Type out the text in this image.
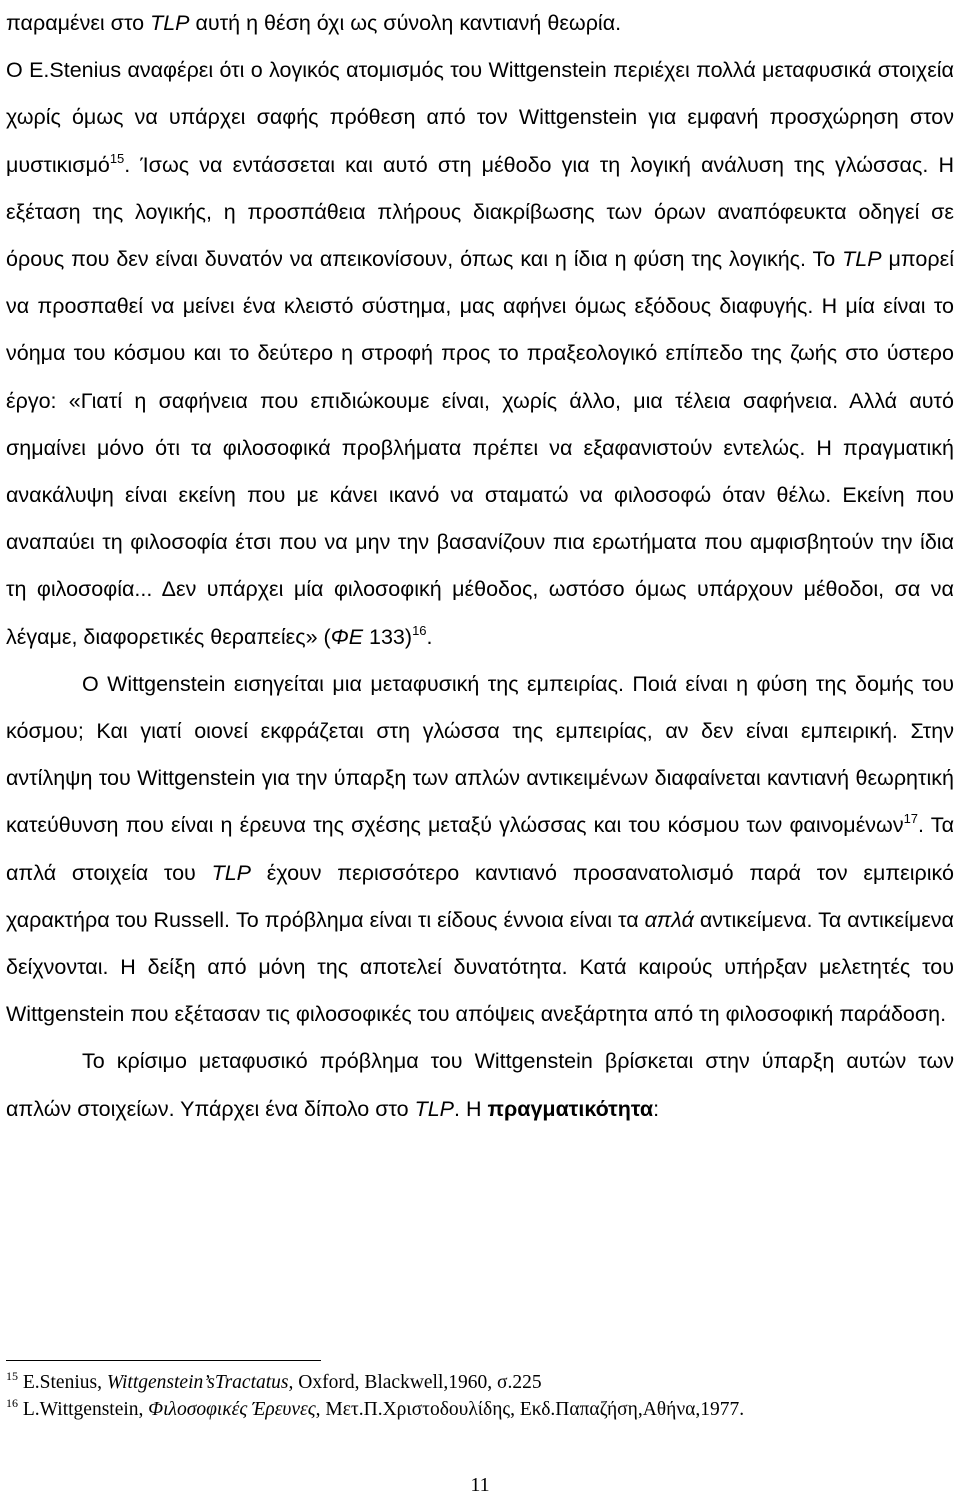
παραμένει στο TLP αυτή η θέση όχι ως σύνολη καντιανή θεωρία.

Ο Ε.Stenius αναφέρει ότι ο λογικός ατομισμός του Wittgenstein περιέχει πολλά μεταφυσικά στοιχεία χωρίς όμως να υπάρχει σαφής πρόθεση από τον Wittgenstein για εμφανή προσχώρηση στον μυστικισμό$^{15}$. Ίσως να εντάσσεται και αυτό στη μέθοδο για τη λογική ανάλυση της γλώσσας. Η εξέταση της λογικής, η προσπάθεια πλήρους διακρίβωσης των όρων αναπόφευκτα οδηγεί σε όρους που δεν είναι δυνατόν να απεικονίσουν, όπως και η ίδια η φύση της λογικής. Το TLP μπορεί να προσπαθεί να μείνει ένα κλειστό σύστημα, μας αφήνει όμως εξόδους διαφυγής. Η μία είναι το νόημα του κόσμου και το δεύτερο η στροφή προς το πραξεολογικό επίπεδο της ζωής στο ύστερο έργο: «Γιατί η σαφήνεια που επιδιώκουμε είναι, χωρίς άλλο, μια τέλεια σαφήνεια. Αλλά αυτό σημαίνει μόνο ότι τα φιλοσοφικά προβλήματα πρέπει να εξαφανιστούν εντελώς. Η πραγματική ανακάλυψη είναι εκείνη που με κάνει ικανό να σταματώ να φιλοσοφώ όταν θέλω. Εκείνη που αναπαύει τη φιλοσοφία έτσι που να μην την βασανίζουν πια ερωτήματα που αμφισβητούν την ίδια τη φιλοσοφία... Δεν υπάρχει μία φιλοσοφική μέθοδος, ωστόσο όμως υπάρχουν μέθοδοι, σα να λέγαμε, διαφορετικές θεραπείες» (ΦΕ 133)$^{16}$.

Ο Wittgenstein εισηγείται μια μεταφυσική της εμπειρίας. Ποιά είναι η φύση της δομής του κόσμου; Και γιατί οιονεί εκφράζεται στη γλώσσα της εμπειρίας, αν δεν είναι εμπειρική. Στην αντίληψη του Wittgenstein για την ύπαρξη των απλών αντικειμένων διαφαίνεται καντιανή θεωρητική κατεύθυνση που είναι η έρευνα της σχέσης μεταξύ γλώσσας και του κόσμου των φαινομένων$^{17}$. Τα απλά στοιχεία του TLP έχουν περισσότερο καντιανό προσανατολισμό παρά τον εμπειρικό χαρακτήρα του Russell. Το πρόβλημα είναι τι είδους έννοια είναι τα απλά αντικείμενα. Τα αντικείμενα δείχνονται. Η δείξη από μόνη της αποτελεί δυνατότητα. Κατά καιρούς υπήρξαν μελετητές του Wittgenstein που εξέτασαν τις φιλοσοφικές του απόψεις ανεξάρτητα από τη φιλοσοφική παράδοση.

Το κρίσιμο μεταφυσικό πρόβλημα του Wittgenstein βρίσκεται στην ύπαρξη αυτών των απλών στοιχείων. Υπάρχει ένα δίπολο στο TLP. Η πραγματικότητα:

$^{15}$ E.Stenius, Wittgenstein’sTractatus, Oxford, Blackwell,1960, σ.225

$^{16}$ L.Wittgenstein, Φιλοσοφικές Έρευνες, Μετ.Π.Χριστοδουλίδης, Εκδ.Παπαζήση,Αθήνα,1977.

11
